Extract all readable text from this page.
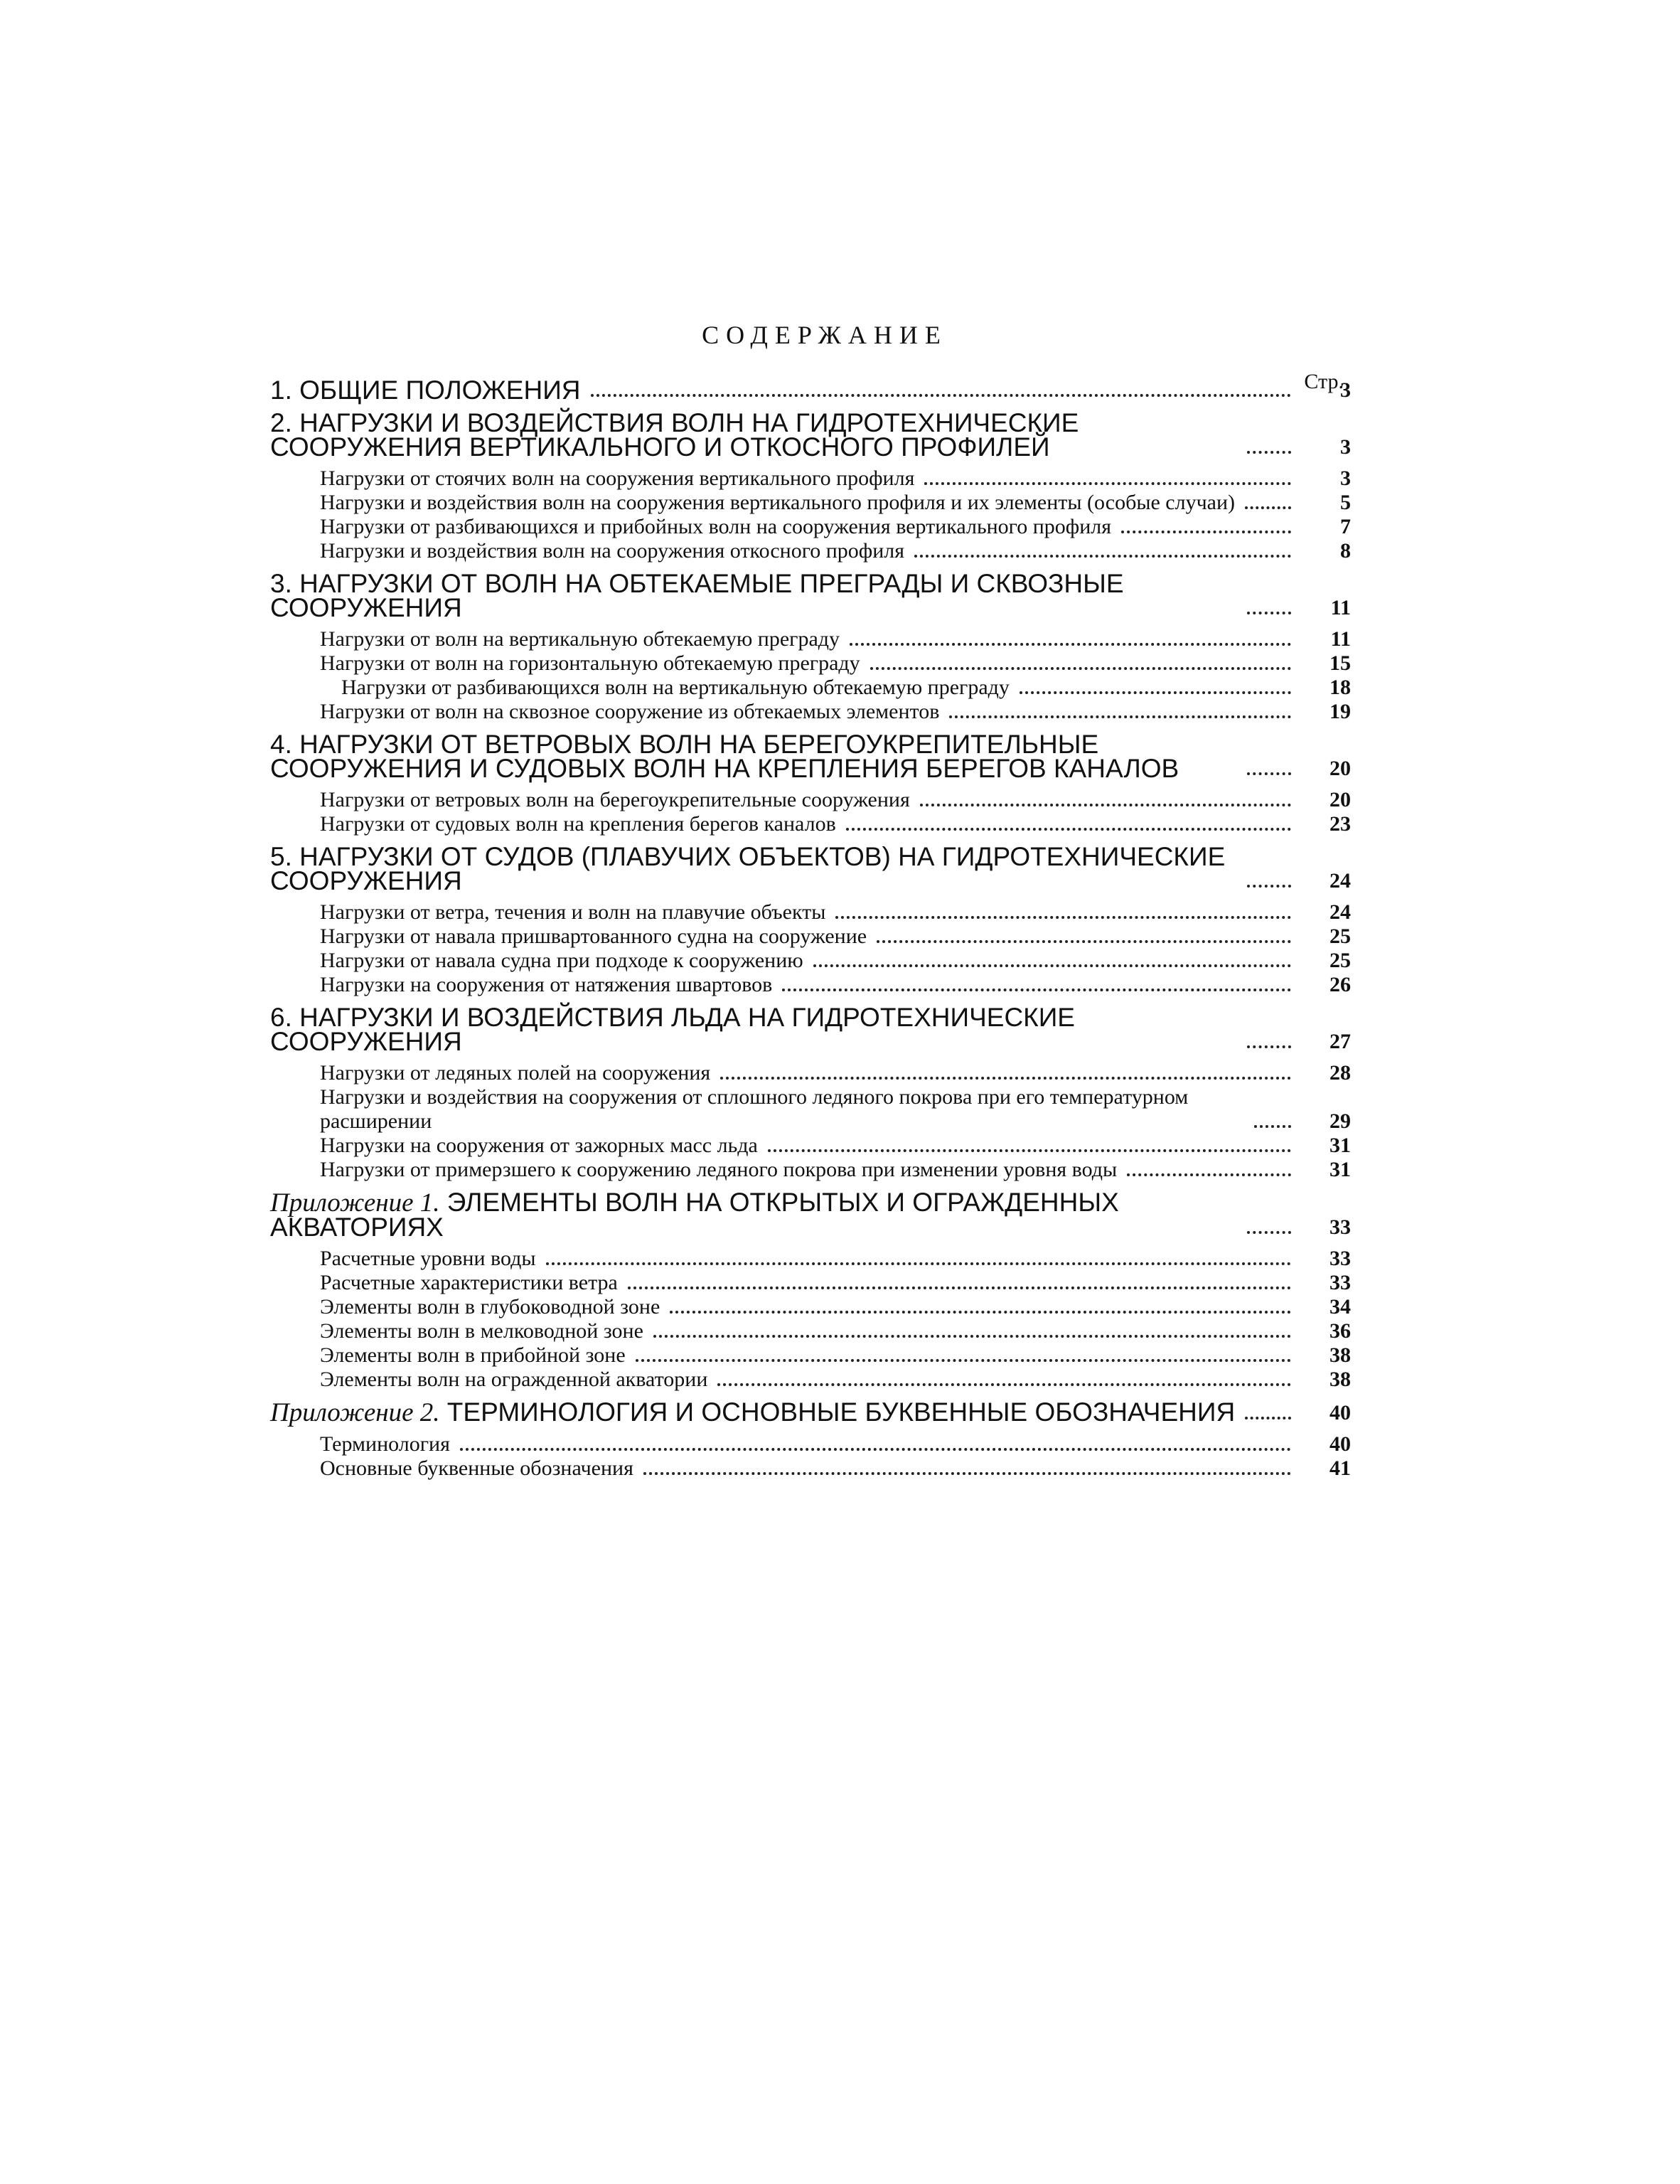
СОДЕРЖАНИЕ
Стр.
1. ОБЩИЕ ПОЛОЖЕНИЯ	3
2. НАГРУЗКИ И ВОЗДЕЙСТВИЯ ВОЛН НА ГИДРОТЕХНИЧЕСКИЕ СООРУЖЕНИЯ ВЕРТИКАЛЬНОГО И ОТКОСНОГО ПРОФИЛЕЙ	3
Нагрузки от стоячих волн на сооружения вертикального профиля	3
Нагрузки и воздействия волн на сооружения вертикального профиля и их элементы (особые случаи)	5
Нагрузки от разбивающихся и прибойных волн на сооружения вертикального профиля	7
Нагрузки и воздействия волн на сооружения откосного профиля	8
3. НАГРУЗКИ ОТ ВОЛН НА ОБТЕКАЕМЫЕ ПРЕГРАДЫ И СКВОЗНЫЕ СООРУЖЕНИЯ	11
Нагрузки от волн на вертикальную обтекаемую преграду	11
Нагрузки от волн на горизонтальную обтекаемую преграду	15
Нагрузки от разбивающихся волн на вертикальную обтекаемую преграду	18
Нагрузки от волн на сквозное сооружение из обтекаемых элементов	19
4. НАГРУЗКИ ОТ ВЕТРОВЫХ ВОЛН НА БЕРЕГОУКРЕПИТЕЛЬНЫЕ СООРУЖЕНИЯ И СУДОВЫХ ВОЛН НА КРЕПЛЕНИЯ БЕРЕГОВ КАНАЛОВ	20
Нагрузки от ветровых волн на берегоукрепительные сооружения	20
Нагрузки от судовых волн на крепления берегов каналов	23
5. НАГРУЗКИ ОТ СУДОВ (ПЛАВУЧИХ ОБЪЕКТОВ) НА ГИДРОТЕХНИЧЕСКИЕ СООРУЖЕНИЯ	24
Нагрузки от ветра, течения и волн на плавучие объекты	24
Нагрузки от навала пришвартованного судна на сооружение	25
Нагрузки от навала судна при подходе к сооружению	25
Нагрузки на сооружения от натяжения швартовов	26
6. НАГРУЗКИ И ВОЗДЕЙСТВИЯ ЛЬДА НА ГИДРОТЕХНИЧЕСКИЕ СООРУЖЕНИЯ	27
Нагрузки от ледяных полей на сооружения	28
Нагрузки и воздействия на сооружения от сплошного ледяного покрова при его температурном расширении	29
Нагрузки на сооружения от зажорных масс льда	31
Нагрузки от примерзшего к сооружению ледяного покрова при изменении уровня воды	31
Приложение 1. ЭЛЕМЕНТЫ ВОЛН НА ОТКРЫТЫХ И ОГРАЖДЕННЫХ АКВАТОРИЯХ	33
Расчетные уровни воды	33
Расчетные характеристики ветра	33
Элементы волн в глубоководной зоне	34
Элементы волн в мелководной зоне	36
Элементы волн в прибойной зоне	38
Элементы волн на огражденной акватории	38
Приложение 2. ТЕРМИНОЛОГИЯ И ОСНОВНЫЕ БУКВЕННЫЕ ОБОЗНАЧЕНИЯ	40
Терминология	40
Основные буквенные обозначения	41
